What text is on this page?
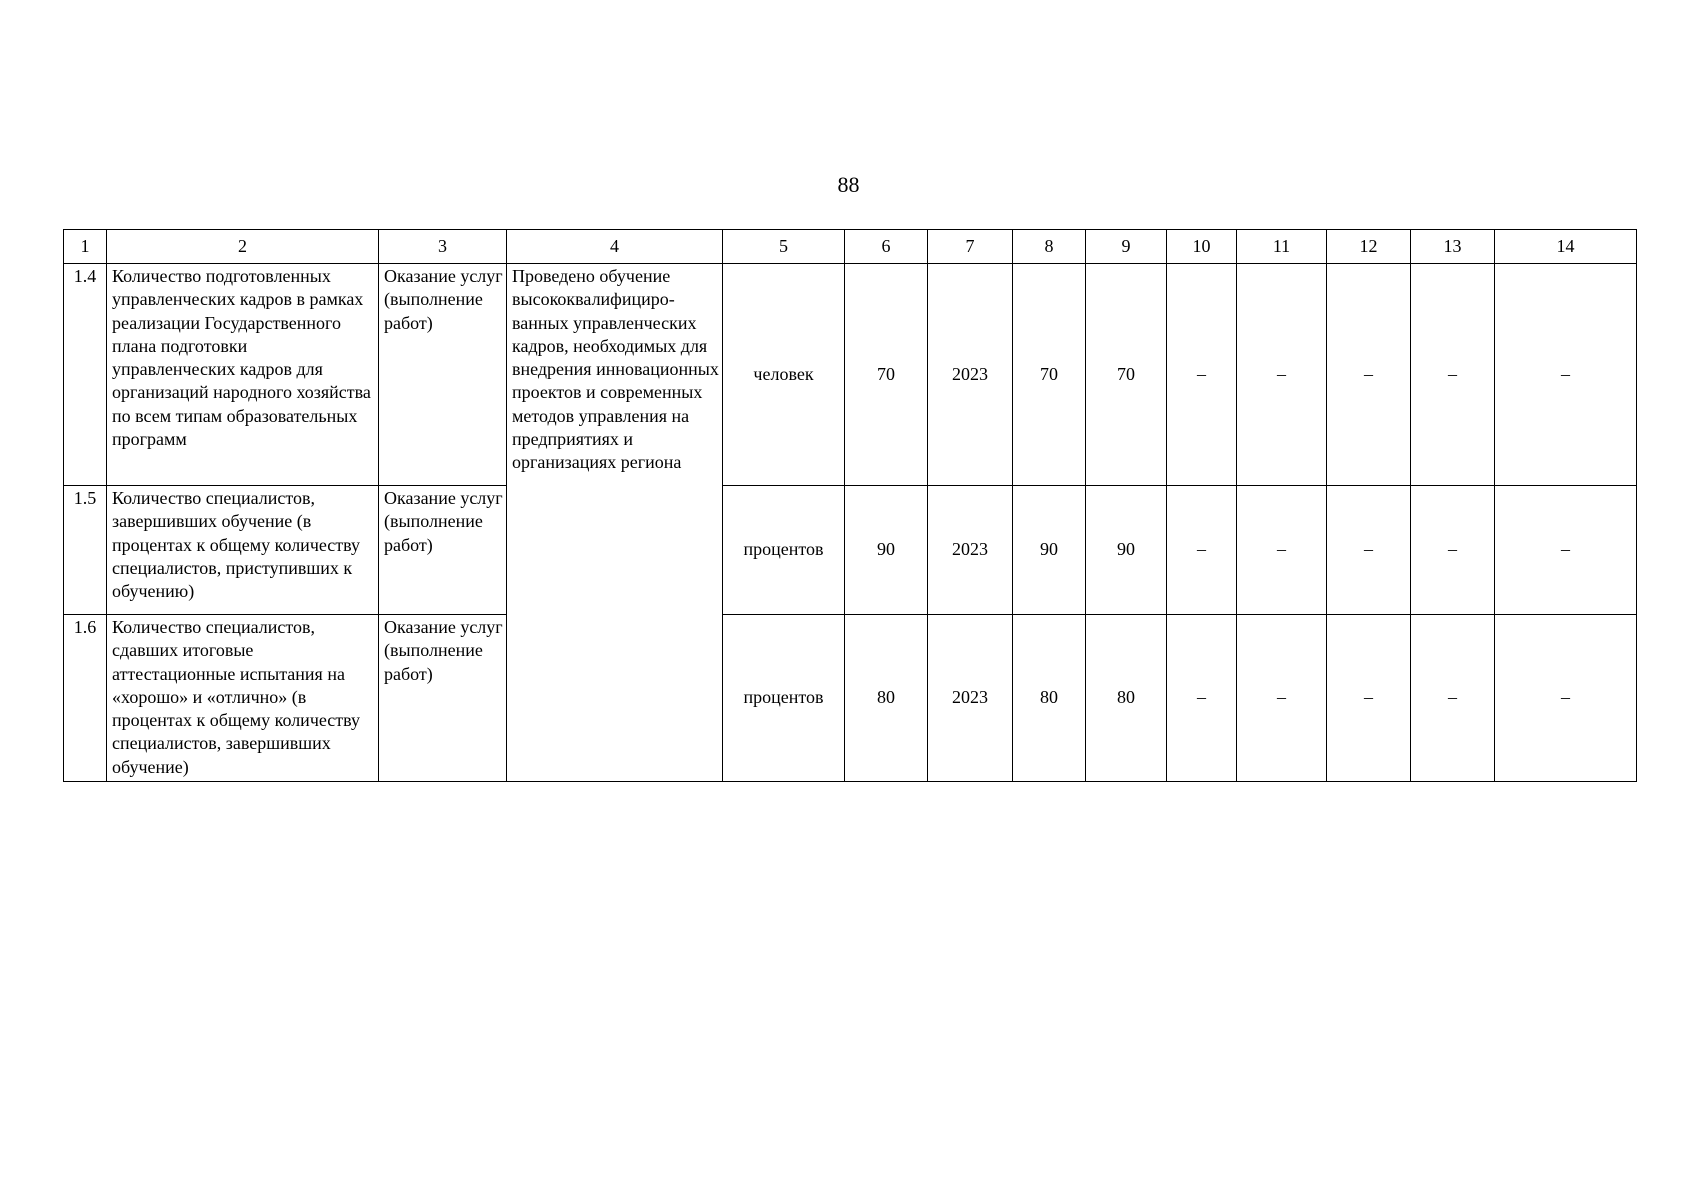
88
1	2	3	4	5	6	7	8	9	10	11	12	13	14
1.4	Количество подготовленных управленческих кадров в рамках реализации Государственного плана подготовки управленческих кадров для организаций народного хозяйства по всем типам образовательных программ	Оказание услуг (выполнение работ)	Проведено обучение высококвалифициро-ванных управленческих кадров, необходимых для внедрения инновационных проектов и современных методов управления на предприятиях и организациях региона	человек	70	2023	70	70	–	–	–	–	–
1.5	Количество специалистов, завершивших обучение (в процентах к общему количеству специалистов, приступивших к обучению)	Оказание услуг (выполнение работ)		процентов	90	2023	90	90	–	–	–	–	–
1.6	Количество специалистов, сдавших итоговые аттестационные испытания на «хорошо» и «отлично» (в процентах к общему количеству специалистов, завершивших обучение)	Оказание услуг (выполнение работ)		процентов	80	2023	80	80	–	–	–	–	–
